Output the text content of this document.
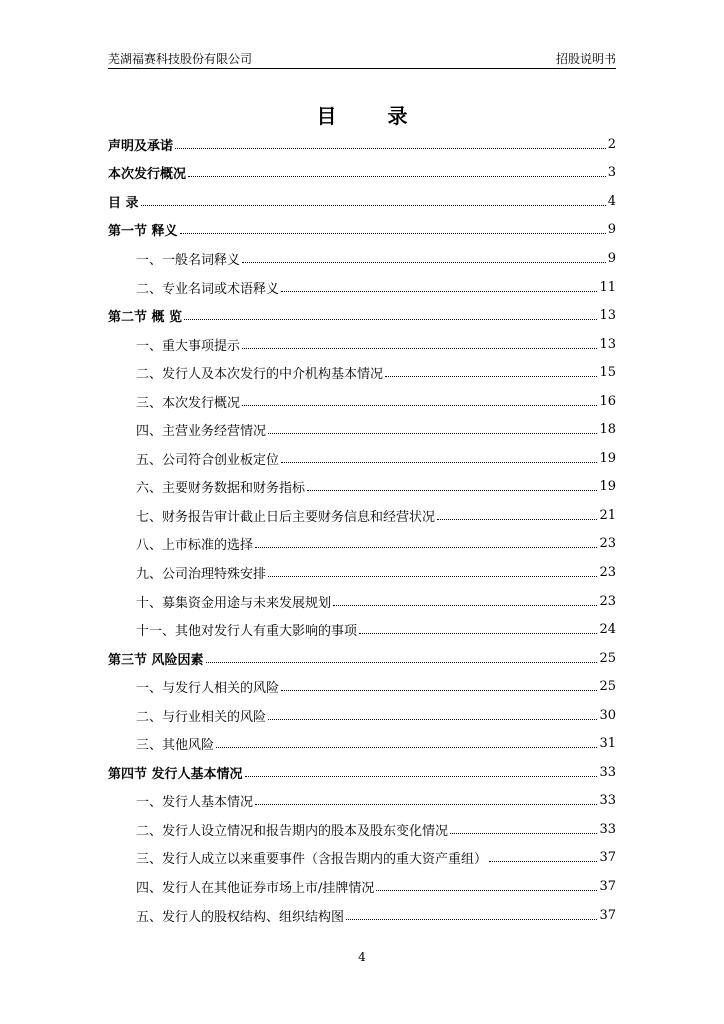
芜湖福赛科技股份有限公司	招股说明书
目 录
声明及承诺	2
本次发行概况	3
目 录	4
第一节 释义	9
一、一般名词释义	9
二、专业名词或术语释义	11
第二节 概 览	13
一、重大事项提示	13
二、发行人及本次发行的中介机构基本情况	15
三、本次发行概况	16
四、主营业务经营情况	18
五、公司符合创业板定位	19
六、主要财务数据和财务指标	19
七、财务报告审计截止日后主要财务信息和经营状况	21
八、上市标准的选择	23
九、公司治理特殊安排	23
十、募集资金用途与未来发展规划	23
十一、其他对发行人有重大影响的事项	24
第三节 风险因素	25
一、与发行人相关的风险	25
二、与行业相关的风险	30
三、其他风险	31
第四节 发行人基本情况	33
一、发行人基本情况	33
二、发行人设立情况和报告期内的股本及股东变化情况	33
三、发行人成立以来重要事件（含报告期内的重大资产重组）	37
四、发行人在其他证券市场上市/挂牌情况	37
五、发行人的股权结构、组织结构图	37
4
